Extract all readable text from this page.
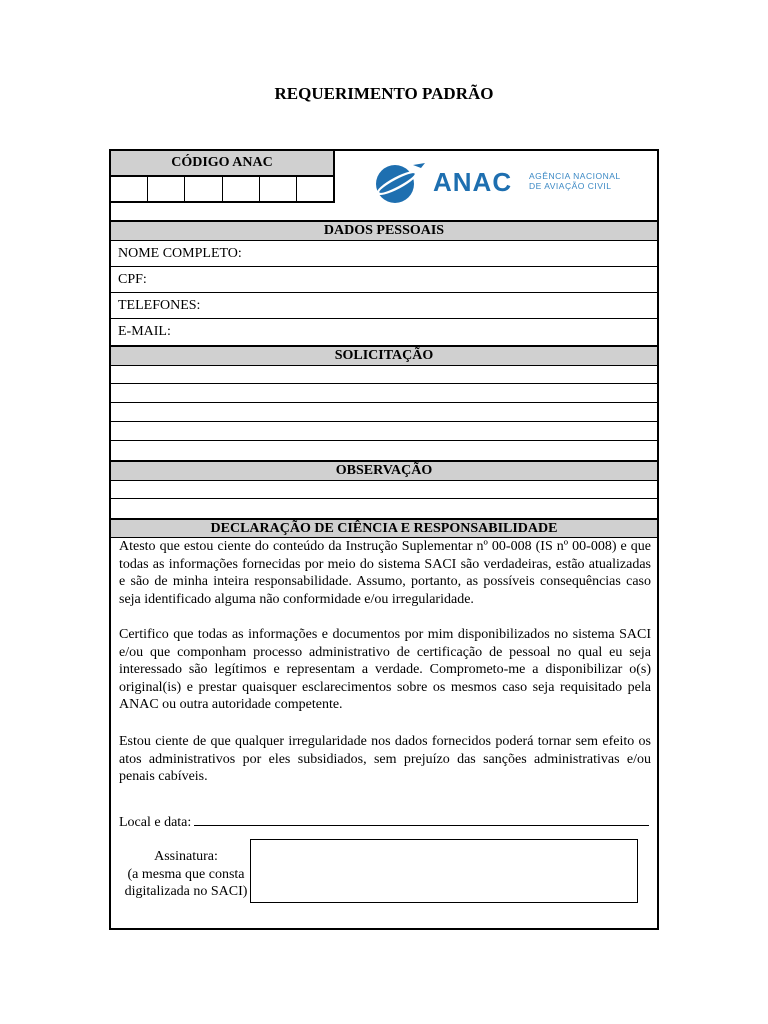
REQUERIMENTO PADRÃO
CÓDIGO ANAC
ANAC AGÊNCIA NACIONAL
DE AVIAÇÃO CIVIL
DADOS PESSOAIS
NOME COMPLETO:
CPF:
TELEFONES:
E-MAIL:
SOLICITAÇÃO
OBSERVAÇÃO
DECLARAÇÃO DE CIÊNCIA E RESPONSABILIDADE
Atesto que estou ciente do conteúdo da Instrução Suplementar nº 00-008 (IS nº 00-008) e que todas as informações fornecidas por meio do sistema SACI são verdadeiras, estão atualizadas e são de minha inteira responsabilidade. Assumo, portanto, as possíveis consequências caso seja identificado alguma não conformidade e/ou irregularidade.
Certifico que todas as informações e documentos por mim disponibilizados no sistema SACI e/ou que componham processo administrativo de certificação de pessoal no qual eu seja interessado são legítimos e representam a verdade. Comprometo-me a disponibilizar o(s) original(is) e prestar quaisquer esclarecimentos sobre os mesmos caso seja requisitado pela ANAC ou outra autoridade competente.
Estou ciente de que qualquer irregularidade nos dados fornecidos poderá tornar sem efeito os atos administrativos por eles subsidiados, sem prejuízo das sanções administrativas e/ou penais cabíveis.
Local e data:
Assinatura:
(a mesma que consta
digitalizada no SACI)
